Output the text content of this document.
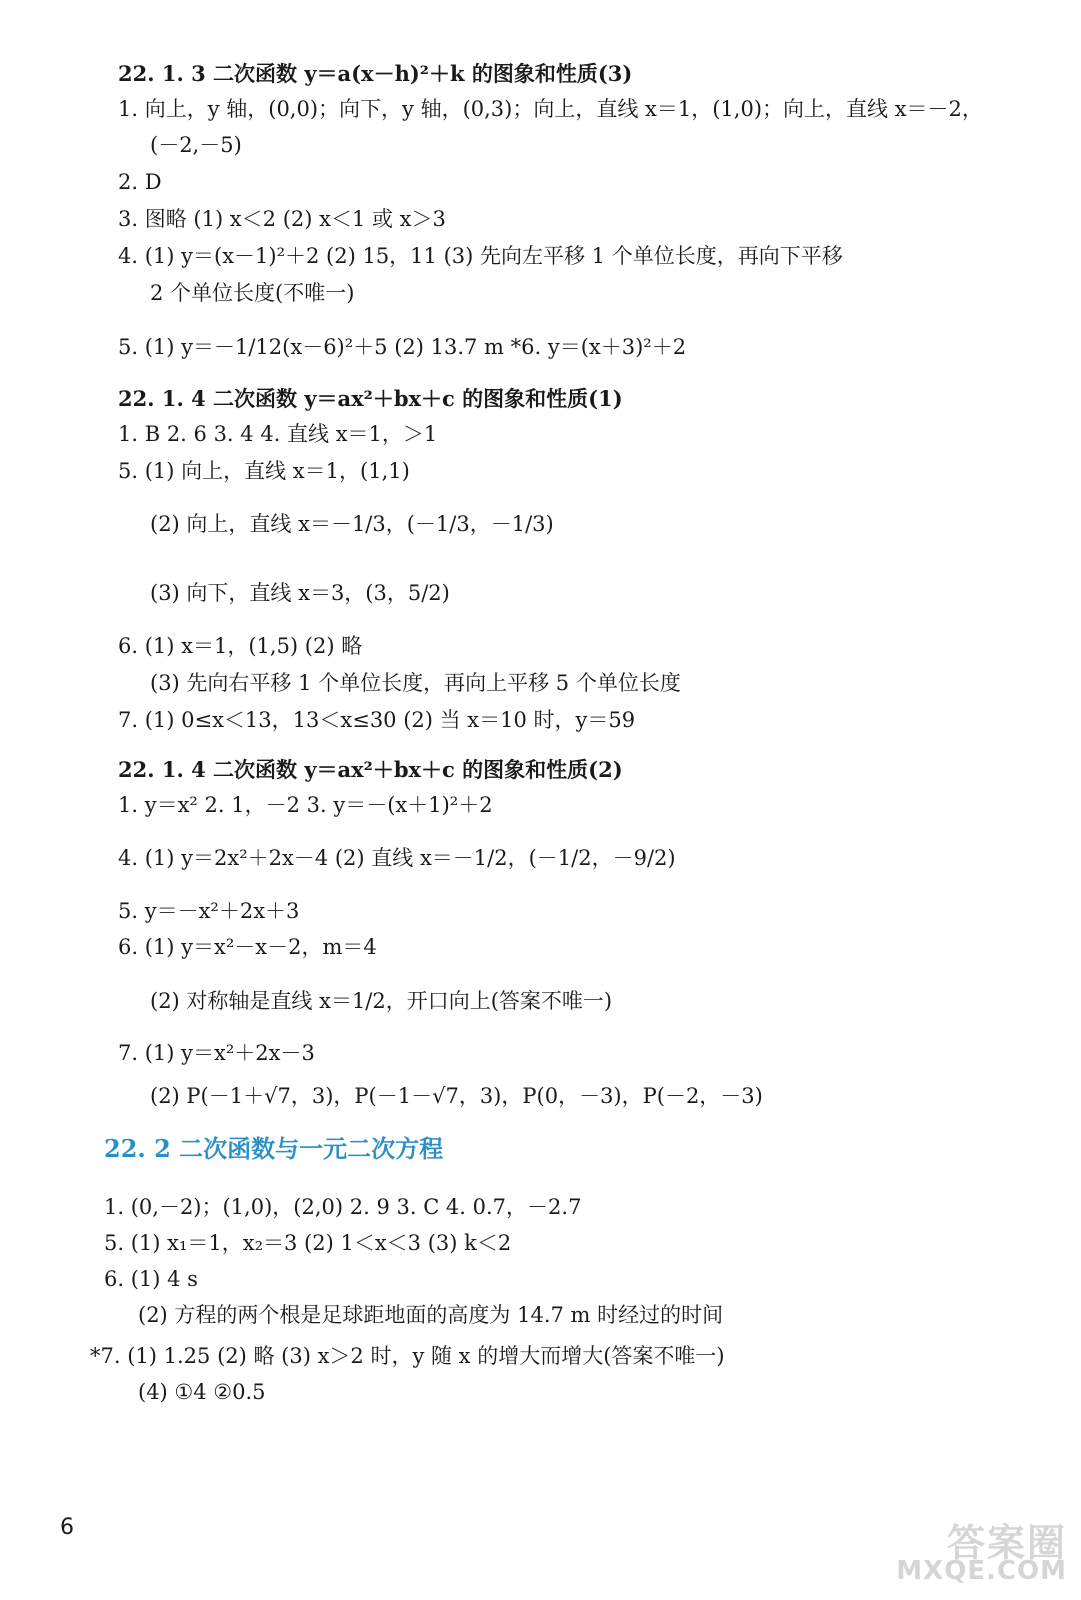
22. 1. 3 二次函数 y＝a(x－h)²＋k 的图象和性质(3)
1. 向上，y 轴，(0,0)；向下，y 轴，(0,3)；向上，直线 x＝1，(1,0)；向上，直线 x＝－2，
(－2,－5)
2. D
3. 图略 (1) x＜2 (2) x＜1 或 x＞3
4. (1) y＝(x－1)²＋2 (2) 15，11 (3) 先向左平移 1 个单位长度，再向下平移
2 个单位长度(不唯一)
5. (1) y＝－1/12(x－6)²＋5 (2) 13.7 m *6. y＝(x＋3)²＋2
22. 1. 4 二次函数 y＝ax²＋bx＋c 的图象和性质(1)
1. B 2. 6 3. 4 4. 直线 x＝1，＞1
5. (1) 向上，直线 x＝1，(1,1)
(2) 向上，直线 x＝－1/3，(－1/3，－1/3)
(3) 向下，直线 x＝3，(3，5/2)
6. (1) x＝1，(1,5) (2) 略
(3) 先向右平移 1 个单位长度，再向上平移 5 个单位长度
7. (1) 0≤x＜13，13＜x≤30 (2) 当 x＝10 时，y＝59
22. 1. 4 二次函数 y＝ax²＋bx＋c 的图象和性质(2)
1. y＝x² 2. 1，－2 3. y＝－(x＋1)²＋2
4. (1) y＝2x²＋2x－4 (2) 直线 x＝－1/2，(－1/2，－9/2)
5. y＝－x²＋2x＋3
6. (1) y＝x²－x－2，m＝4
(2) 对称轴是直线 x＝1/2，开口向上(答案不唯一)
7. (1) y＝x²＋2x－3
(2) P(－1＋√7，3)，P(－1－√7，3)，P(0，－3)，P(－2，－3)
22. 2 二次函数与一元二次方程
1. (0,－2)；(1,0)，(2,0) 2. 9 3. C 4. 0.7，－2.7
5. (1) x₁＝1，x₂＝3 (2) 1＜x＜3 (3) k＜2
6. (1) 4 s
(2) 方程的两个根是足球距地面的高度为 14.7 m 时经过的时间
*7. (1) 1.25 (2) 略 (3) x＞2 时，y 随 x 的增大而增大(答案不唯一)
(4) ①4 ②0.5
6	答案圈
MXQE.COM
